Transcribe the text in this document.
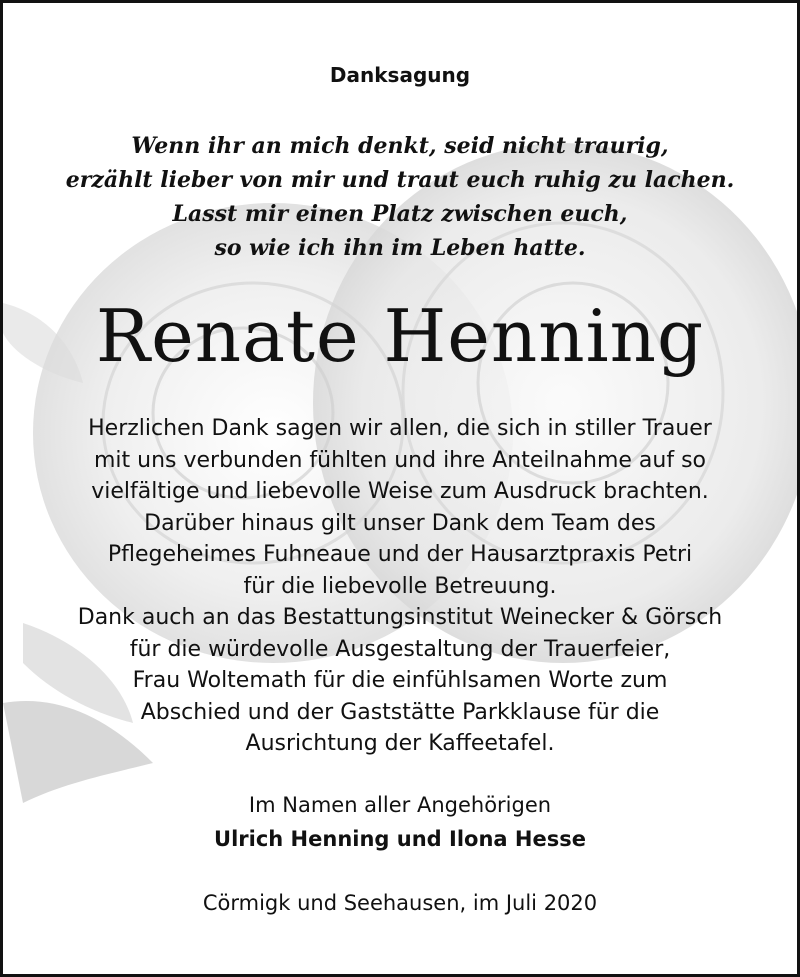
Danksagung
Wenn ihr an mich denkt, seid nicht traurig,
erzählt lieber von mir und traut euch ruhig zu lachen.
Lasst mir einen Platz zwischen euch,
so wie ich ihn im Leben hatte.
Renate Henning
Herzlichen Dank sagen wir allen, die sich in stiller Trauer
mit uns verbunden fühlten und ihre Anteilnahme auf so
vielfältige und liebevolle Weise zum Ausdruck brachten.
Darüber hinaus gilt unser Dank dem Team des
Pflegeheimes Fuhneaue und der Hausarztpraxis Petri
für die liebevolle Betreuung.
Dank auch an das Bestattungsinstitut Weinecker & Görsch
für die würdevolle Ausgestaltung der Trauerfeier,
Frau Woltemath für die einfühlsamen Worte zum
Abschied und der Gaststätte Parkklause für die
Ausrichtung der Kaffeetafel.
Im Namen aller Angehörigen
Ulrich Henning und Ilona Hesse
Cörmigk und Seehausen, im Juli 2020
